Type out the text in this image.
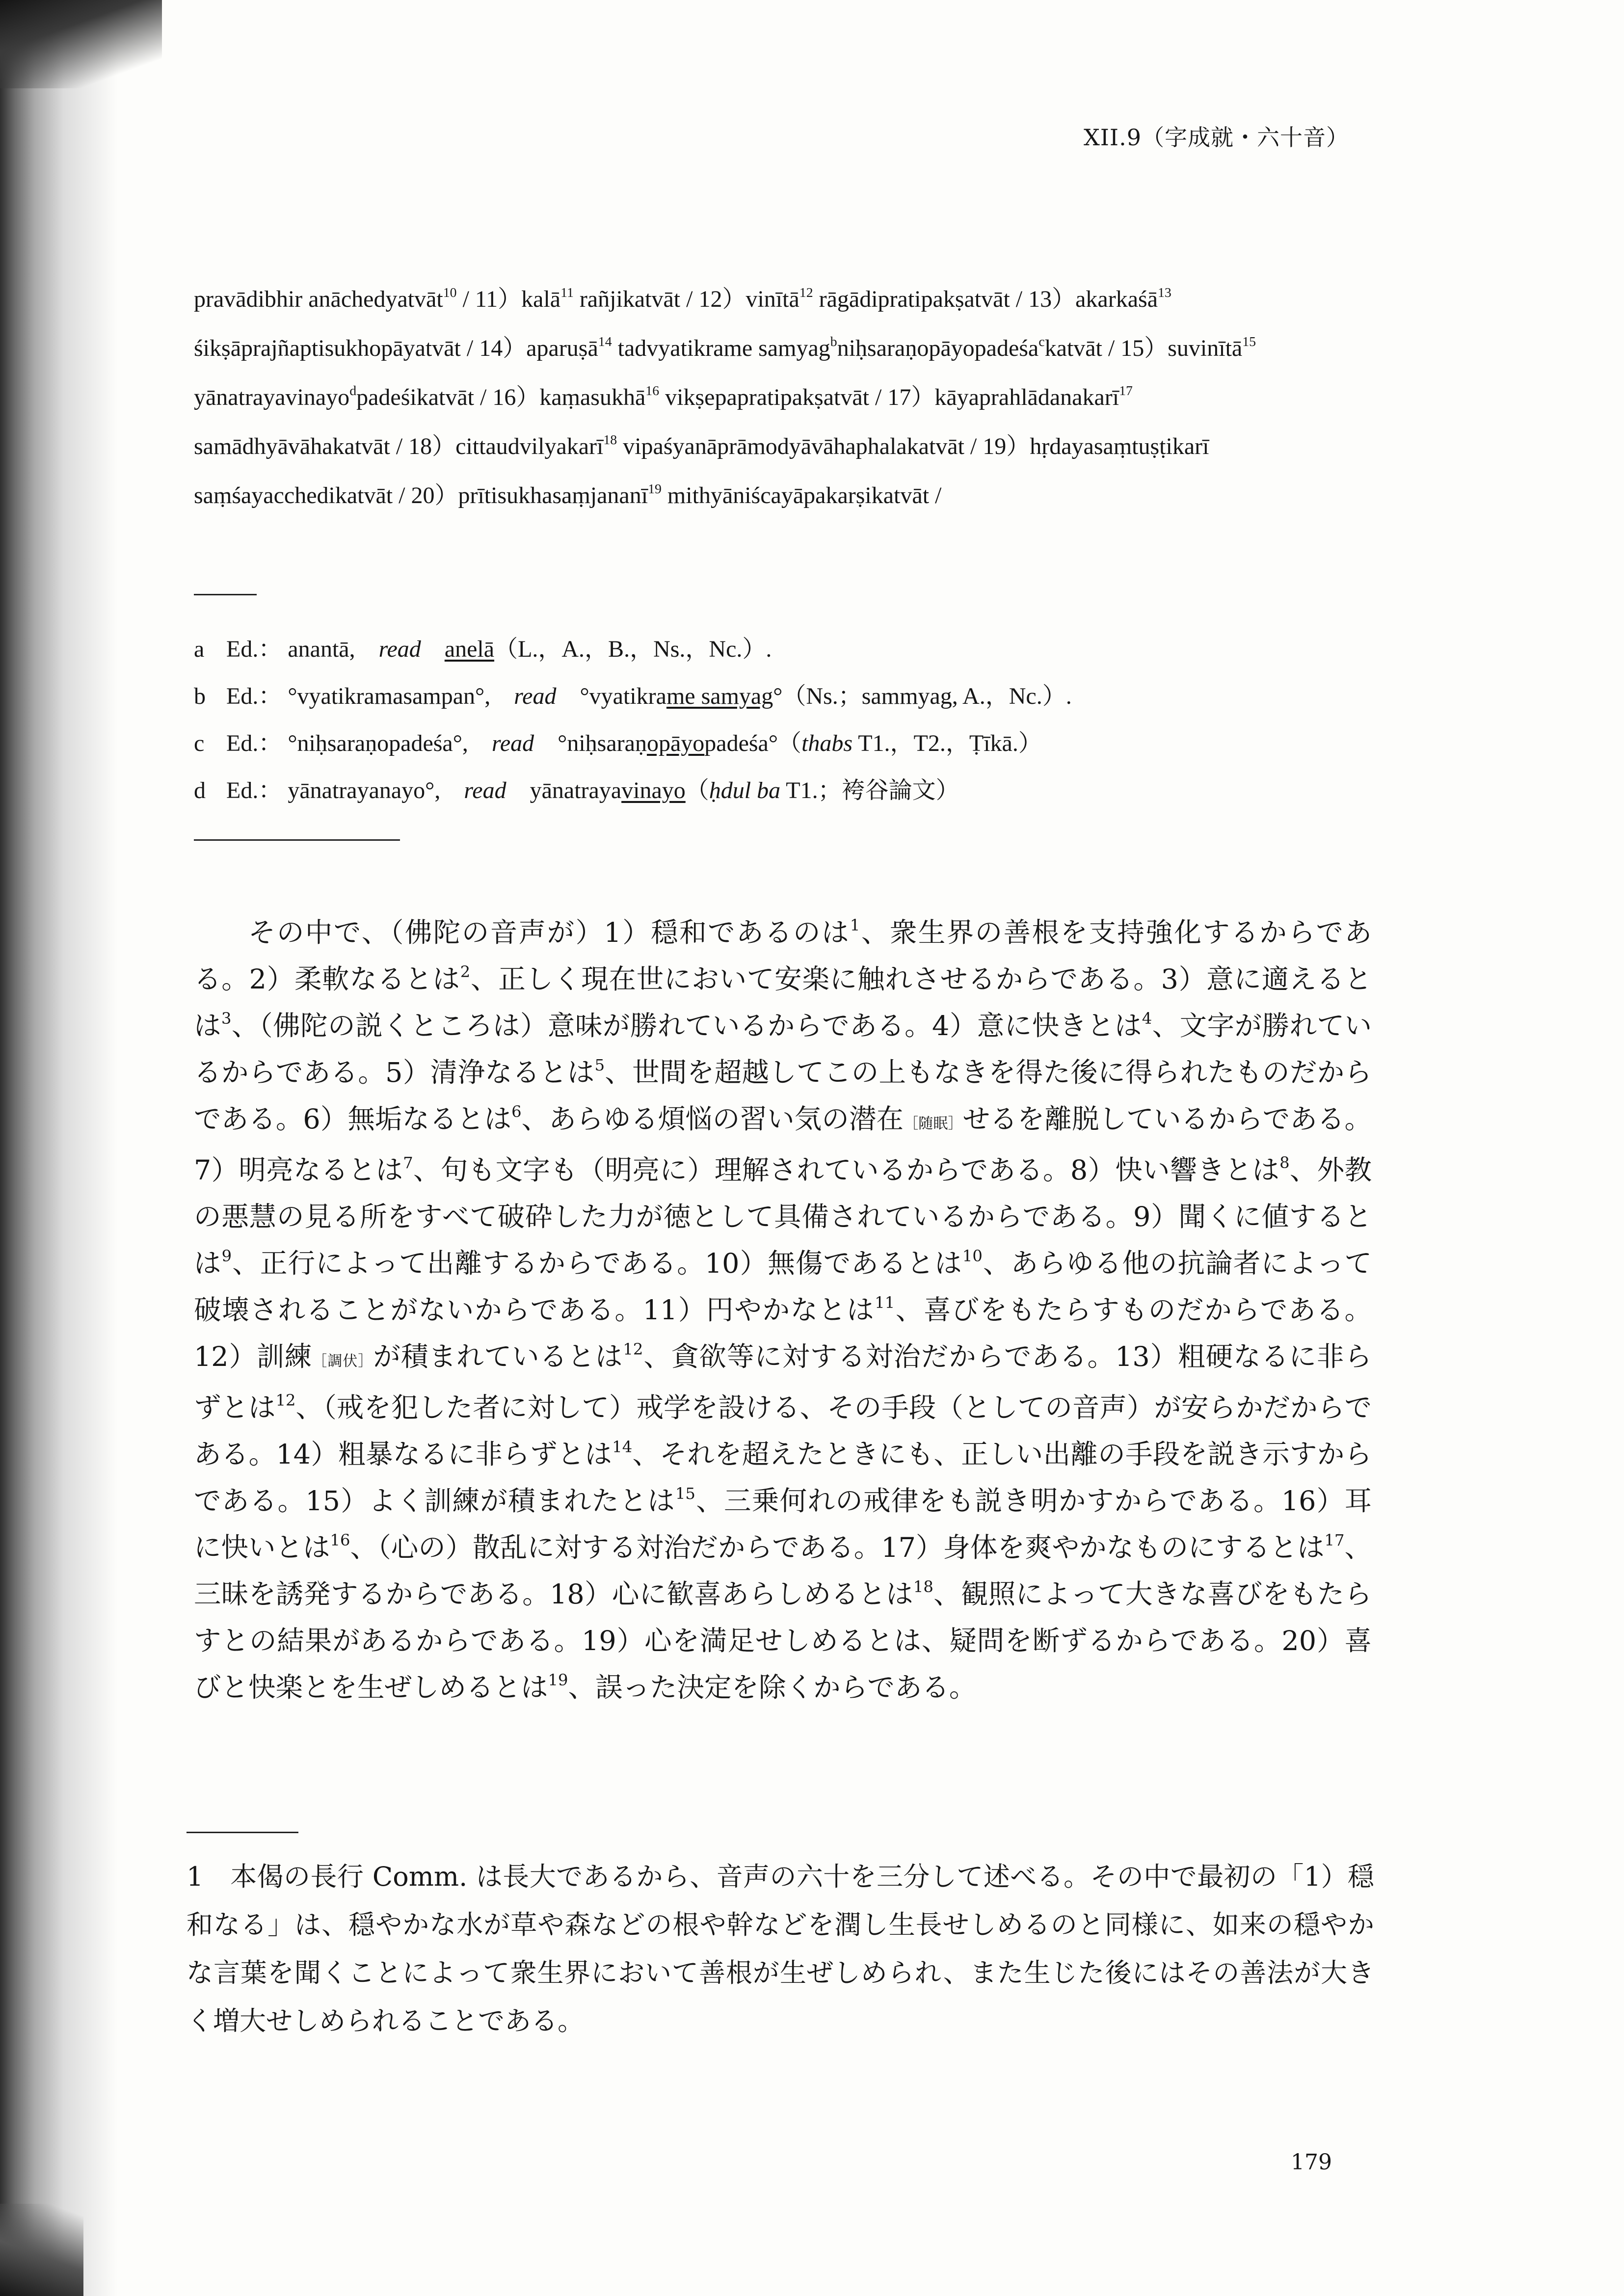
XII.9（字成就・六十音）
pravādibhir anāchedyatvāt$^{10}$ / 11）kalā$^{11}$ rañjikatvāt / 12）vinītā$^{12}$ rāgādipratipakṣatvāt / 13）akarkaśā$^{13}$
śikṣāprajñaptisukhopāyatvāt / 14）aparuṣā$^{14}$ tadvyatikrame samyag$^b$niḥsaraṇopāyopadeśa$^c$katvāt / 15）suvinītā$^{15}$
yānatrayavinayo$^d$padeśikatvāt / 16）kaṃasukhā$^{16}$ vikṣepapratipakṣatvāt / 17）kāyaprahlādanakarī$^{17}$
samādhyāvāhakatvāt / 18）cittaudvilyakarī$^{18}$ vipaśyanāprāmodyāvāhaphalakatvāt / 19）hṛdayasaṃtuṣṭikarī
saṃśayacchedikatvāt / 20）prītisukhasaṃjananī$^{19}$ mithyāniścayāpakarṣikatvāt /
a Ed.： anantā,　read　 anelā（L.，A.，B.，Ns.，Nc.）.
b Ed.： °vyatikramasampan°,　read　°vyatikrame samyag°（Ns.；sammyag, A.，Nc.）.
c Ed.： °niḥsaraṇopadeśa°,　read　°niḥsaraṇopāyopadeśa°（thabs T1.，T2.，Ṭīkā.）
d Ed.： yānatrayanayo°,　read　yānatrayavinayo（ḥdul ba T1.；袴谷論文）

その中で、（佛陀の音声が）1）穏和であるのは$^1$、衆生界の善根を支持強化するからである。2）柔軟なるとは$^2$、正しく現在世において安楽に触れさせるからである。3）意に適えるとは$^3$、（佛陀の説くところは）意味が勝れているからである。4）意に快きとは$^4$、文字が勝れているからである。5）清浄なるとは$^5$、世間を超越してこの上もなきを得た後に得られたものだからである。6）無垢なるとは$^6$、あらゆる煩悩の習い気の潜在［随眠］せるを離脱しているからである。7）明亮なるとは$^7$、句も文字も（明亮に）理解されているからである。8）快い響きとは$^8$、外教の悪慧の見る所をすべて破砕した力が徳として具備されているからである。9）聞くに値するとは$^9$、正行によって出離するからである。10）無傷であるとは$^{10}$、あらゆる他の抗論者によって破壊されることがないからである。11）円やかなとは$^{11}$、喜びをもたらすものだからである。12）訓練［調伏］が積まれているとは$^{12}$、貪欲等に対する対治だからである。13）粗硬なるに非らずとは$^{12}$、（戒を犯した者に対して）戒学を設ける、その手段（としての音声）が安らかだからである。14）粗暴なるに非らずとは$^{14}$、それを超えたときにも、正しい出離の手段を説き示すからである。15）よく訓練が積まれたとは$^{15}$、三乗何れの戒律をも説き明かすからである。16）耳に快いとは$^{16}$、（心の）散乱に対する対治だからである。17）身体を爽やかなものにするとは$^{17}$、三昧を誘発するからである。18）心に歓喜あらしめるとは$^{18}$、観照によって大きな喜びをもたらすとの結果があるからである。19）心を満足せしめるとは、疑問を断ずるからである。20）喜びと快楽とを生ぜしめるとは$^{19}$、誤った決定を除くからである。

1　 本偈の長行 Comm. は長大であるから、音声の六十を三分して述べる。その中で最初の「1）穏和なる」は、穏やかな水が草や森などの根や幹などを潤し生長せしめるのと同様に、如来の穏やかな言葉を聞くことによって衆生界において善根が生ぜしめられ、また生じた後にはその善法が大きく増大せしめられることである。

179
